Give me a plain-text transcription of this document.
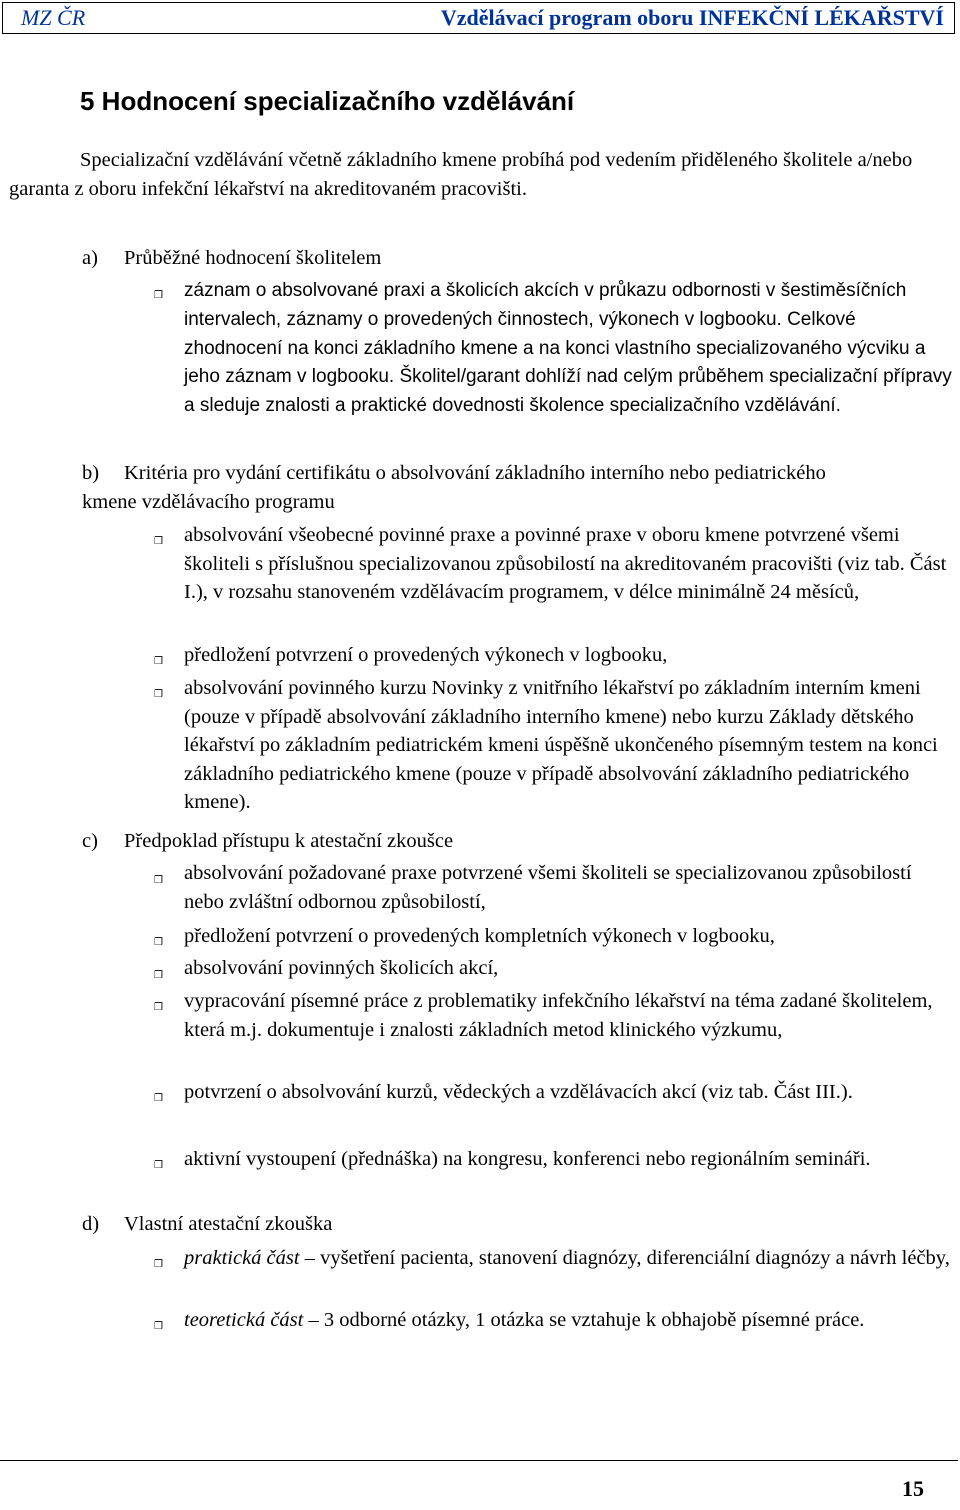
MZ ČR	Vzdělávací program oboru INFEKČNÍ LÉKAŘSTVÍ
5 Hodnocení specializačního vzdělávání

Specializační vzdělávání včetně základního kmene probíhá pod vedením přiděleného školitele a/nebo garanta z oboru infekční lékařství na akreditovaném pracovišti.

a) Průběžné hodnocení školitelem
❒ záznam o absolvované praxi a školicích akcích v průkazu odbornosti v šestiměsíčních intervalech, záznamy o provedených činnostech, výkonech v logbooku. Celkové zhodnocení na konci základního kmene a na konci vlastního specializovaného výcviku a jeho záznam v logbooku. Školitel/garant dohlíží nad celým průběhem specializační přípravy a sleduje znalosti a praktické dovednosti školence specializačního vzdělávání.

b) Kritéria pro vydání certifikátu o absolvování základního interního nebo pediatrického kmene vzdělávacího programu
❒ absolvování všeobecné povinné praxe a povinné praxe v oboru kmene potvrzené všemi školiteli s příslušnou specializovanou způsobilostí na akreditovaném pracovišti (viz tab. Část I.), v rozsahu stanoveném vzdělávacím programem, v délce minimálně 24 měsíců,

❒ předložení potvrzení o provedených výkonech v logbooku,

❒ absolvování povinného kurzu Novinky z vnitřního lékařství po základním interním kmeni (pouze v případě absolvování základního interního kmene) nebo kurzu Základy dětského lékařství po základním pediatrickém kmeni úspěšně ukončeného písemným testem na konci základního pediatrického kmene (pouze v případě absolvování základního pediatrického kmene).

c) Předpoklad přístupu k atestační zkoušce
❒ absolvování požadované praxe potvrzené všemi školiteli se specializovanou způsobilostí nebo zvláštní odbornou způsobilostí,

❒ předložení potvrzení o provedených kompletních výkonech v logbooku,

❒ absolvování povinných školicích akcí,

❒ vypracování písemné práce z problematiky infekčního lékařství na téma zadané školitelem, která m.j. dokumentuje i znalosti základních metod klinického výzkumu,

❒ potvrzení o absolvování kurzů, vědeckých a vzdělávacích akcí (viz tab. Část III.).

❒ aktivní vystoupení (přednáška) na kongresu, konferenci nebo regionálním semináři.

d) Vlastní atestační zkouška
❒ praktická část – vyšetření pacienta, stanovení diagnózy, diferenciální diagnózy a návrh léčby,

❒ teoretická část – 3 odborné otázky, 1 otázka se vztahuje k obhajobě písemné práce.

15
